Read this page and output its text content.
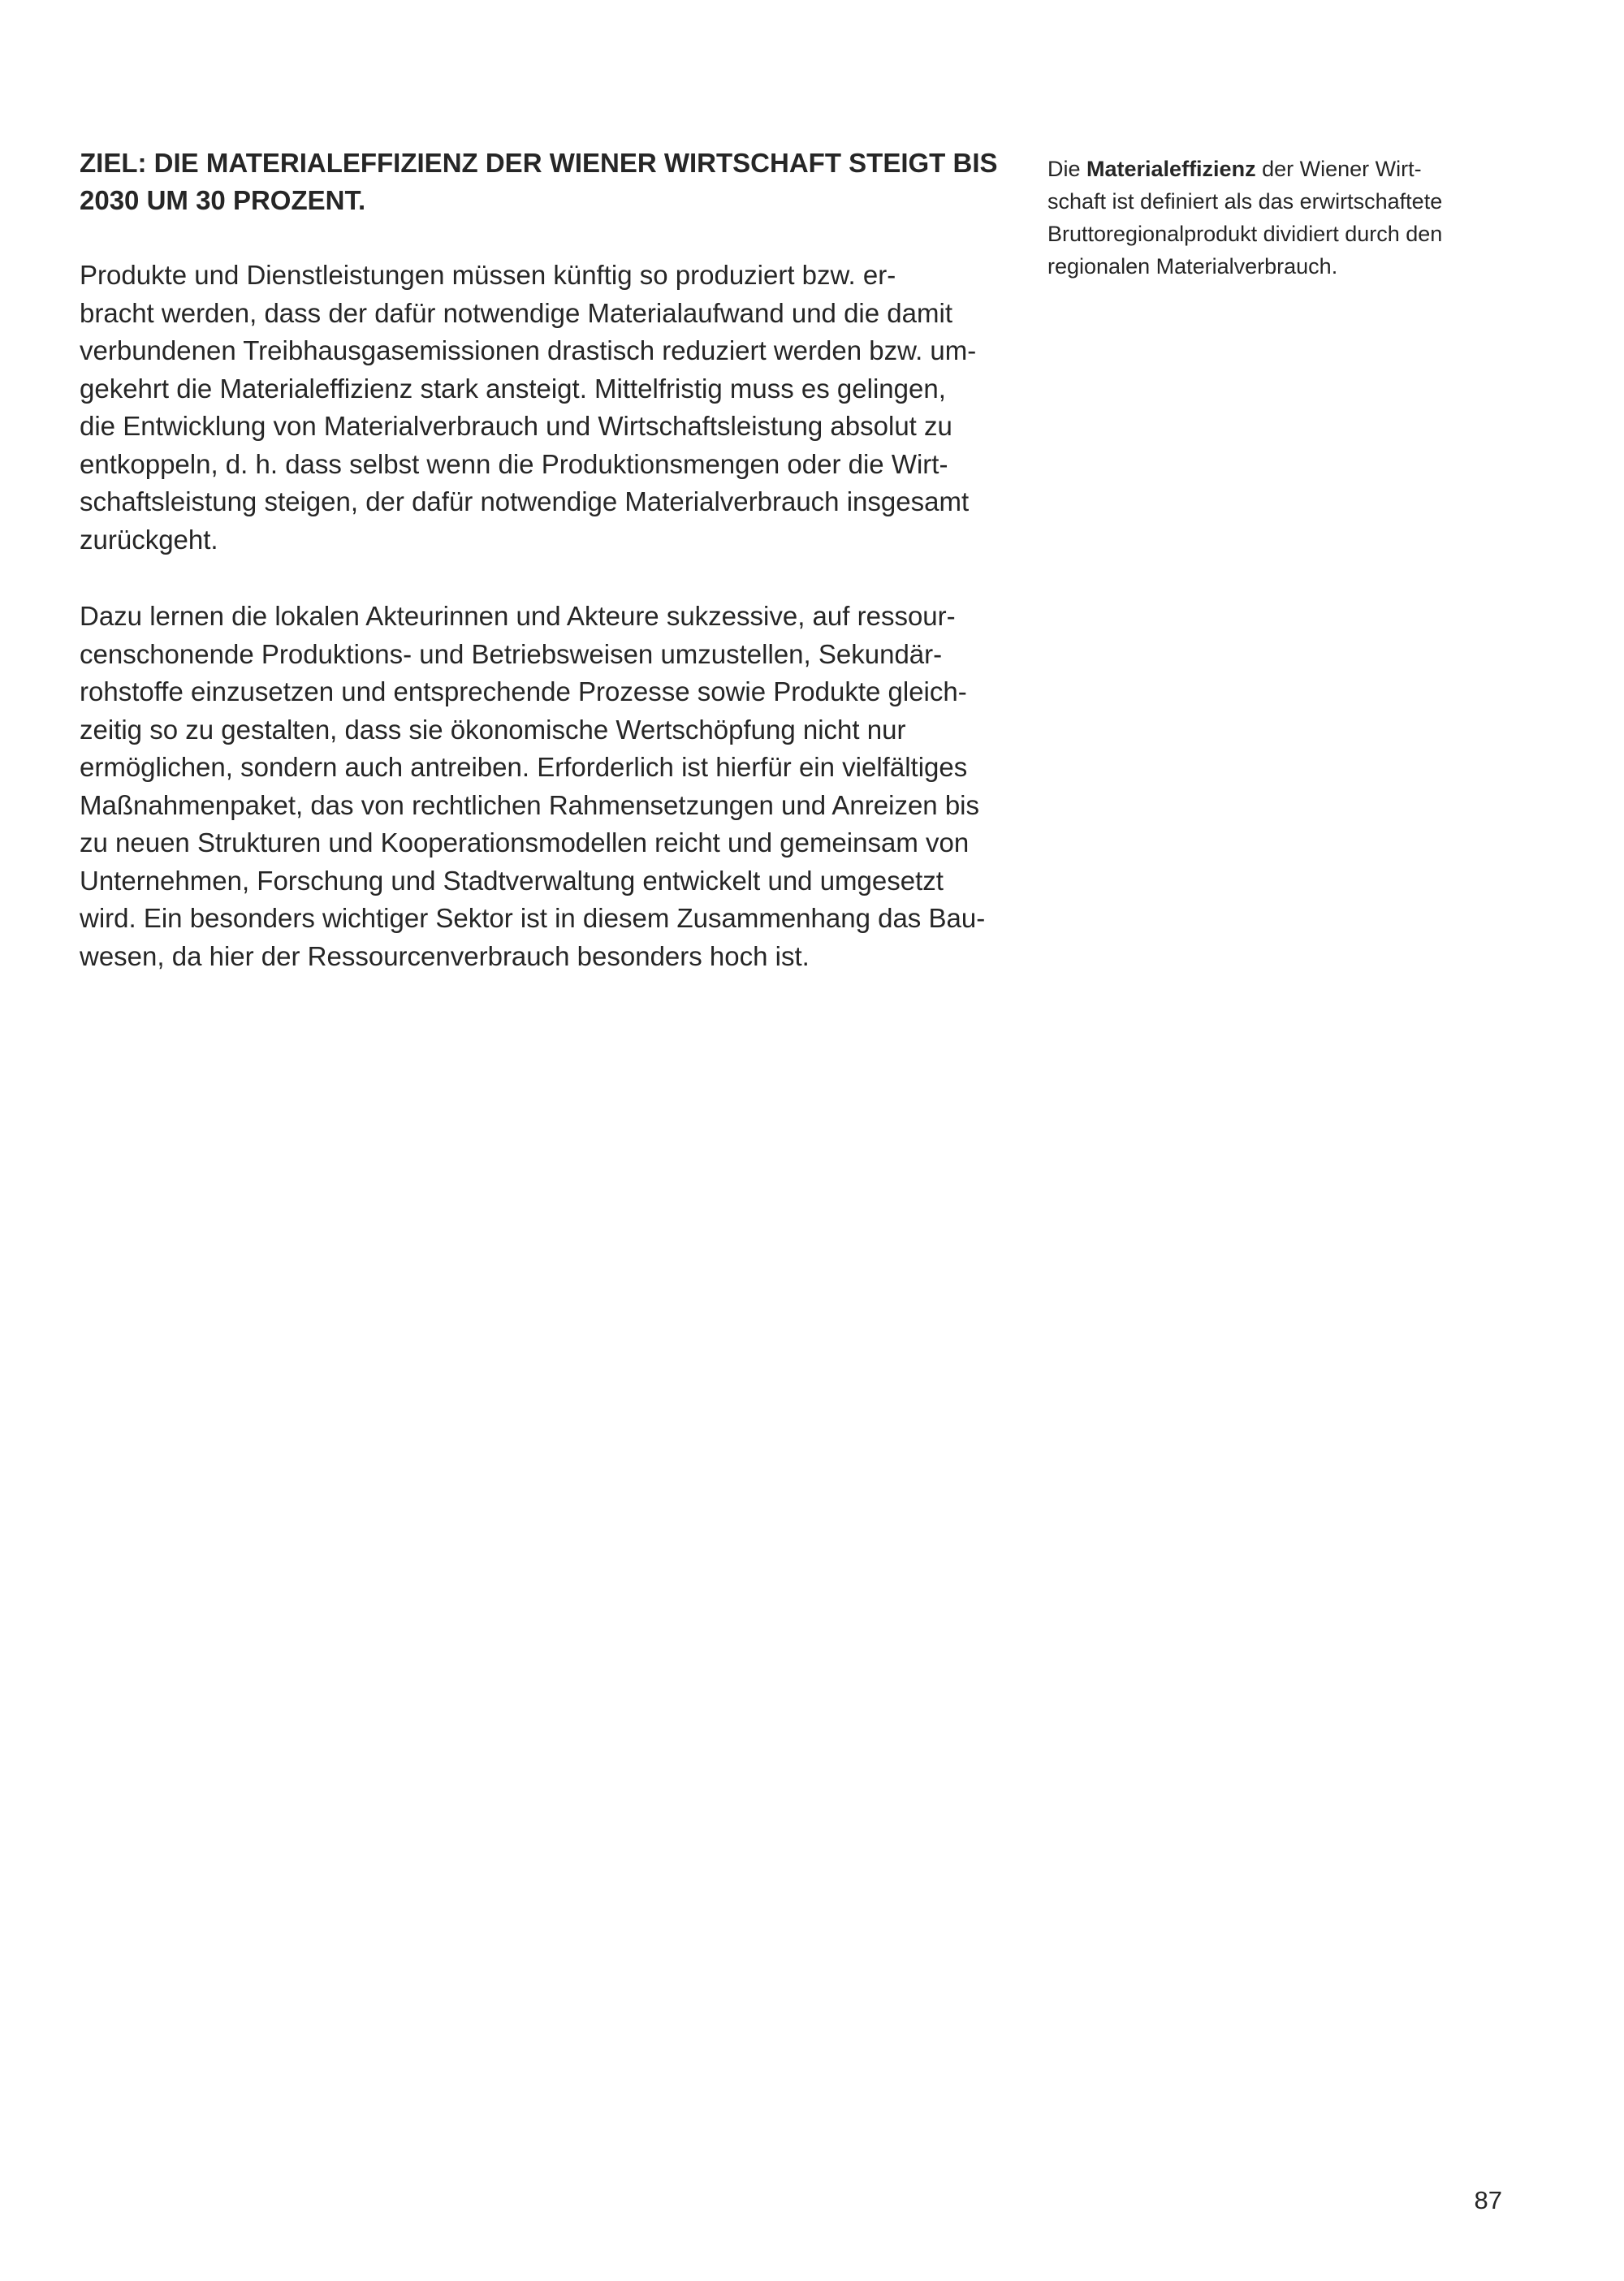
ZIEL: DIE MATERIALEFFIZIENZ DER WIENER WIRTSCHAFT STEIGT BIS
2030 UM 30 PROZENT.

Produkte und Dienstleistungen müssen künftig so produziert bzw. er-
bracht werden, dass der dafür notwendige Materialaufwand und die damit
verbundenen Treibhausgasemissionen drastisch reduziert werden bzw. um-
gekehrt die Materialeffizienz stark ansteigt. Mittelfristig muss es gelingen,
die Entwicklung von Materialverbrauch und Wirtschaftsleistung absolut zu
entkoppeln, d. h. dass selbst wenn die Produktionsmengen oder die Wirt-
schaftsleistung steigen, der dafür notwendige Materialverbrauch insgesamt
zurückgeht.

Dazu lernen die lokalen Akteurinnen und Akteure sukzessive, auf ressour-
censchonende Produktions- und Betriebsweisen umzustellen, Sekundär-
rohstoffe einzusetzen und entsprechende Prozesse sowie Produkte gleich-
zeitig so zu gestalten, dass sie ökonomische Wertschöpfung nicht nur
ermöglichen, sondern auch antreiben. Erforderlich ist hierfür ein vielfältiges
Maßnahmenpaket, das von rechtlichen Rahmensetzungen und Anreizen bis
zu neuen Strukturen und Kooperationsmodellen reicht und gemeinsam von
Unternehmen, Forschung und Stadtverwaltung entwickelt und umgesetzt
wird. Ein besonders wichtiger Sektor ist in diesem Zusammenhang das Bau-
wesen, da hier der Ressourcenverbrauch besonders hoch ist.

Die Materialeffizienz der Wiener Wirt-
schaft ist definiert als das erwirtschaftete
Bruttoregionalprodukt dividiert durch den
regionalen Materialverbrauch.
87
